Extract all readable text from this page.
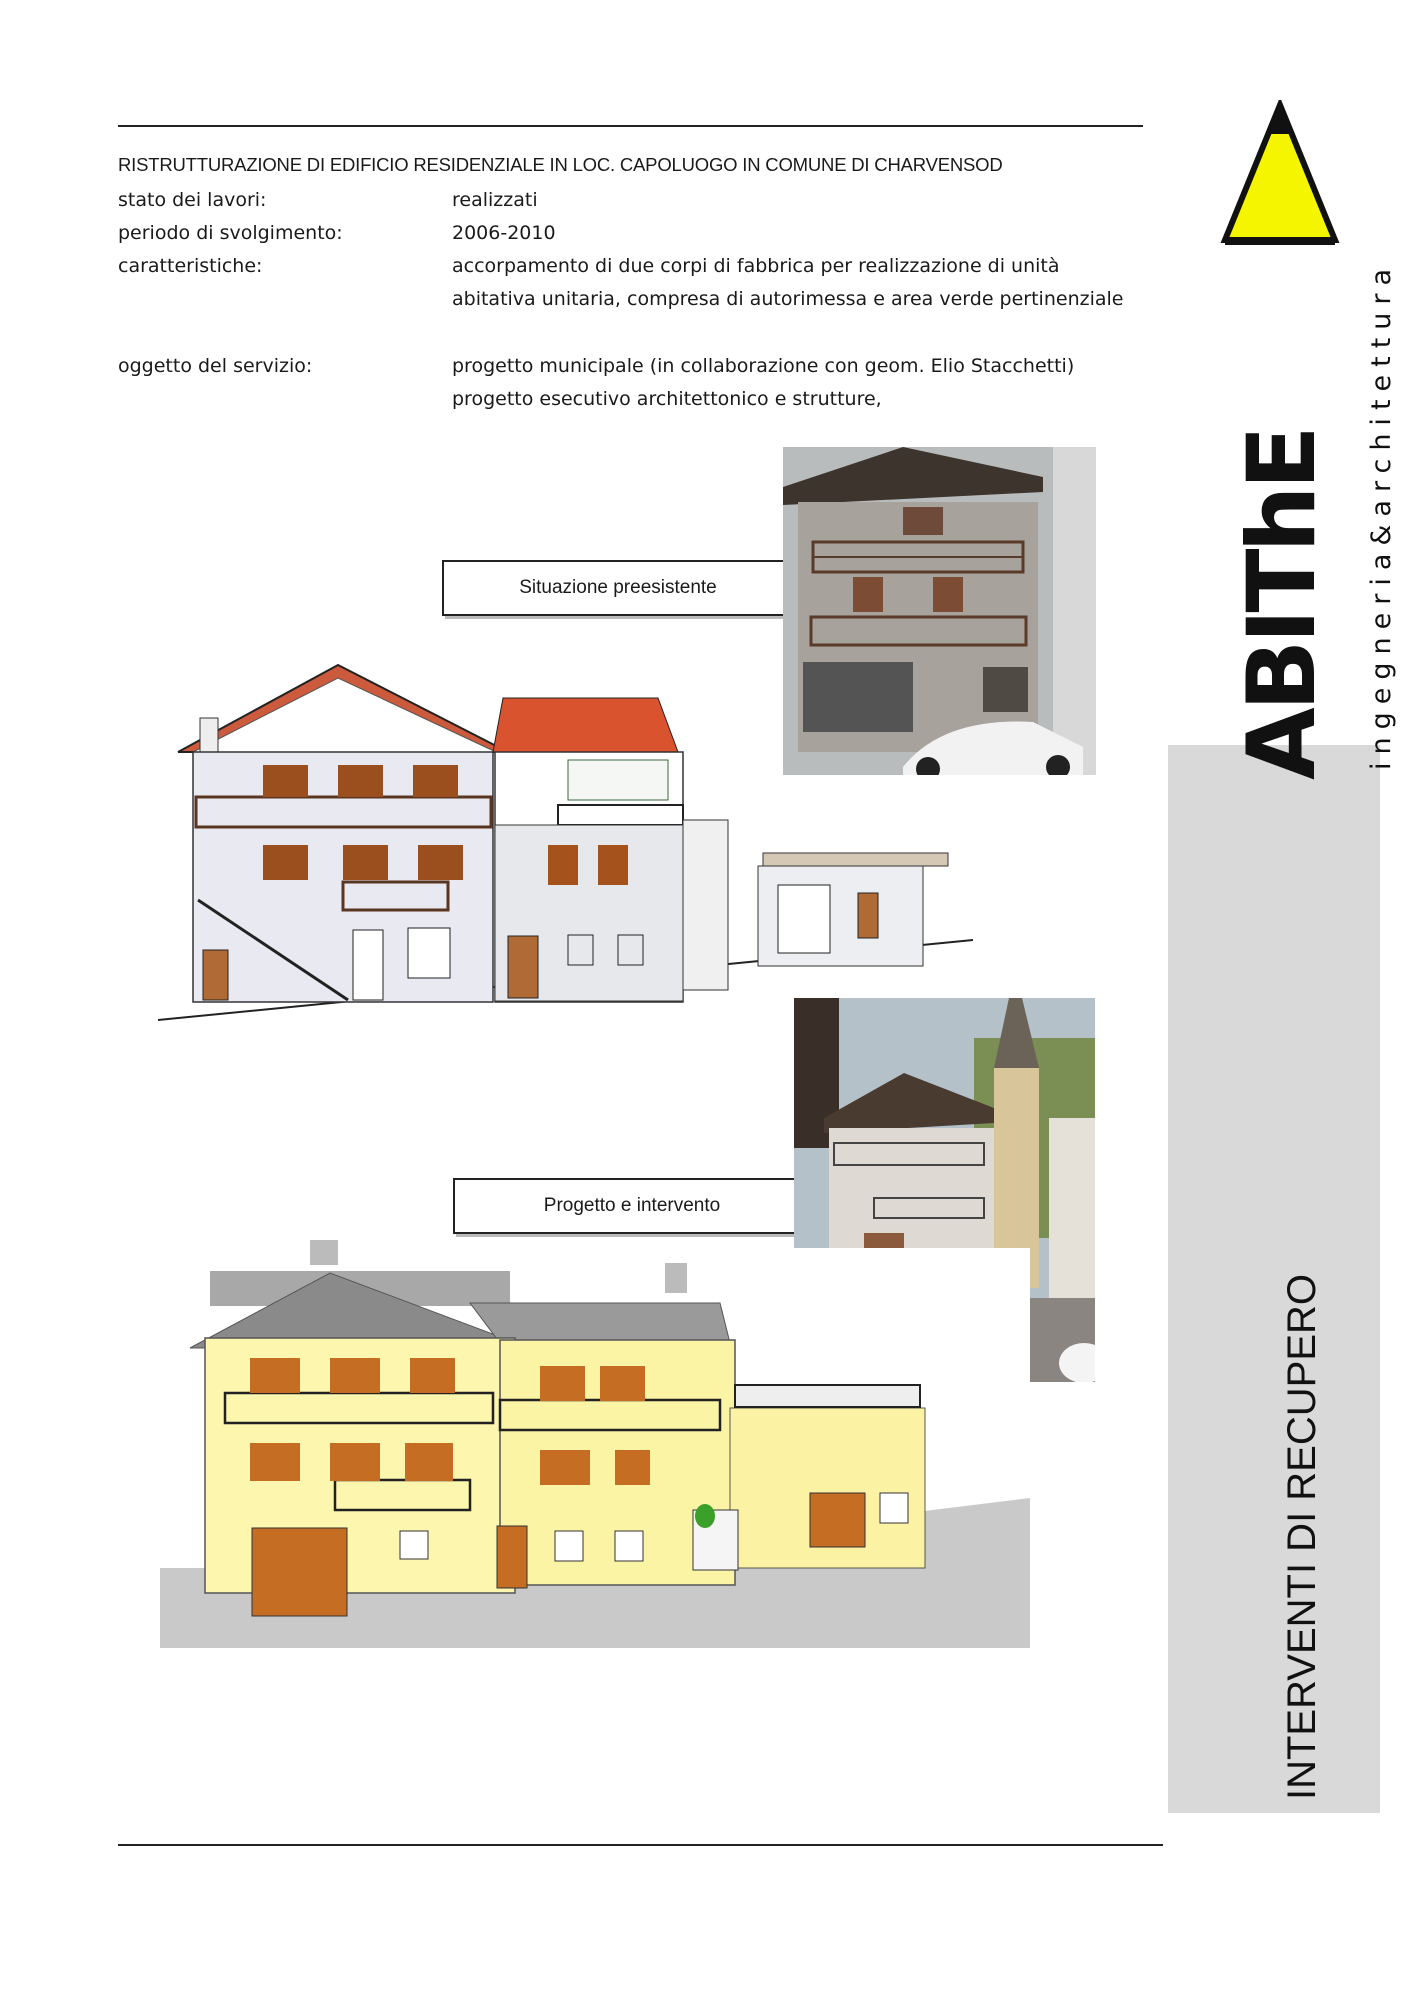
RISTRUTTURAZIONE DI EDIFICIO RESIDENZIALE IN LOC. CAPOLUOGO IN COMUNE DI CHARVENSOD
stato dei lavori:	realizzati
periodo di svolgimento:	2006-2010
caratteristiche:	accorpamento di due corpi di fabbrica per realizzazione di unità abitativa unitaria, compresa di autorimessa e area verde pertinenziale
oggetto del servizio:	progetto municipale (in collaborazione con geom. Elio Stacchetti)
progetto esecutivo architettonico e strutture,
Situazione preesistente
Progetto e intervento
INTERVENTI DI RECUPERO
ABIThE ingegneria&architettura
